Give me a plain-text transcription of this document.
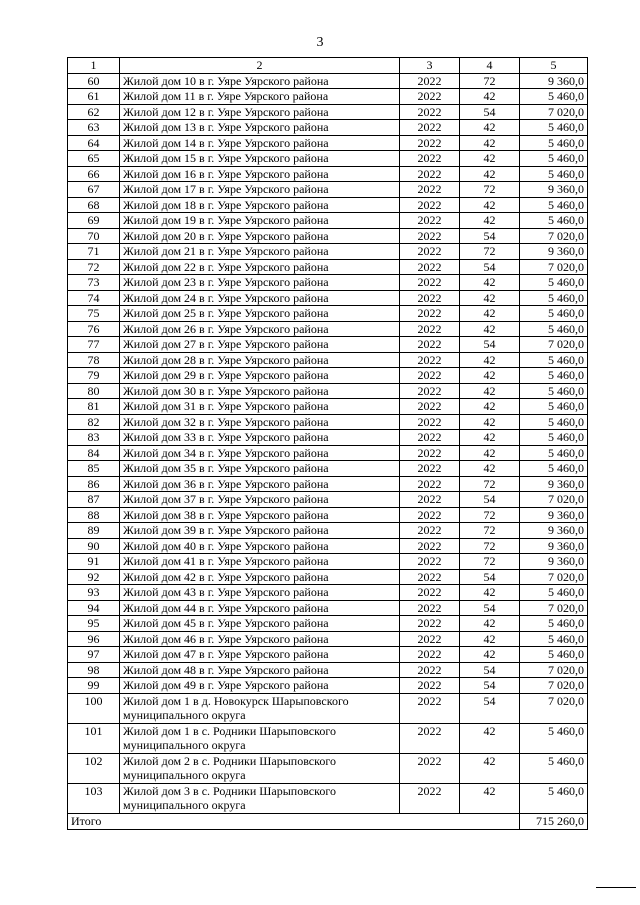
3
1	2	3	4	5
60	Жилой дом 10 в г. Уяре Уярского района	2022	72	9 360,0
61	Жилой дом 11 в г. Уяре Уярского района	2022	42	5 460,0
62	Жилой дом 12 в г. Уяре Уярского района	2022	54	7 020,0
63	Жилой дом 13 в г. Уяре Уярского района	2022	42	5 460,0
64	Жилой дом 14 в г. Уяре Уярского района	2022	42	5 460,0
65	Жилой дом 15 в г. Уяре Уярского района	2022	42	5 460,0
66	Жилой дом 16 в г. Уяре Уярского района	2022	42	5 460,0
67	Жилой дом 17 в г. Уяре Уярского района	2022	72	9 360,0
68	Жилой дом 18 в г. Уяре Уярского района	2022	42	5 460,0
69	Жилой дом 19 в г. Уяре Уярского района	2022	42	5 460,0
70	Жилой дом 20 в г. Уяре Уярского района	2022	54	7 020,0
71	Жилой дом 21 в г. Уяре Уярского района	2022	72	9 360,0
72	Жилой дом 22 в г. Уяре Уярского района	2022	54	7 020,0
73	Жилой дом 23 в г. Уяре Уярского района	2022	42	5 460,0
74	Жилой дом 24 в г. Уяре Уярского района	2022	42	5 460,0
75	Жилой дом 25 в г. Уяре Уярского района	2022	42	5 460,0
76	Жилой дом 26 в г. Уяре Уярского района	2022	42	5 460,0
77	Жилой дом 27 в г. Уяре Уярского района	2022	54	7 020,0
78	Жилой дом 28 в г. Уяре Уярского района	2022	42	5 460,0
79	Жилой дом 29 в г. Уяре Уярского района	2022	42	5 460,0
80	Жилой дом 30 в г. Уяре Уярского района	2022	42	5 460,0
81	Жилой дом 31 в г. Уяре Уярского района	2022	42	5 460,0
82	Жилой дом 32 в г. Уяре Уярского района	2022	42	5 460,0
83	Жилой дом 33 в г. Уяре Уярского района	2022	42	5 460,0
84	Жилой дом 34 в г. Уяре Уярского района	2022	42	5 460,0
85	Жилой дом 35 в г. Уяре Уярского района	2022	42	5 460,0
86	Жилой дом 36 в г. Уяре Уярского района	2022	72	9 360,0
87	Жилой дом 37 в г. Уяре Уярского района	2022	54	7 020,0
88	Жилой дом 38 в г. Уяре Уярского района	2022	72	9 360,0
89	Жилой дом 39 в г. Уяре Уярского района	2022	72	9 360,0
90	Жилой дом 40 в г. Уяре Уярского района	2022	72	9 360,0
91	Жилой дом 41 в г. Уяре Уярского района	2022	72	9 360,0
92	Жилой дом 42 в г. Уяре Уярского района	2022	54	7 020,0
93	Жилой дом 43 в г. Уяре Уярского района	2022	42	5 460,0
94	Жилой дом 44 в г. Уяре Уярского района	2022	54	7 020,0
95	Жилой дом 45 в г. Уяре Уярского района	2022	42	5 460,0
96	Жилой дом 46 в г. Уяре Уярского района	2022	42	5 460,0
97	Жилой дом 47 в г. Уяре Уярского района	2022	42	5 460,0
98	Жилой дом 48 в г. Уяре Уярского района	2022	54	7 020,0
99	Жилой дом 49 в г. Уяре Уярского района	2022	54	7 020,0
100	Жилой дом 1 в д. Новокурск Шарыповского муниципального округа	2022	54	7 020,0
101	Жилой дом 1 в с. Родники Шарыповского муниципального округа	2022	42	5 460,0
102	Жилой дом 2 в с. Родники Шарыповского муниципального округа	2022	42	5 460,0
103	Жилой дом 3 в с. Родники Шарыповского муниципального округа	2022	42	5 460,0
Итого				715 260,0
